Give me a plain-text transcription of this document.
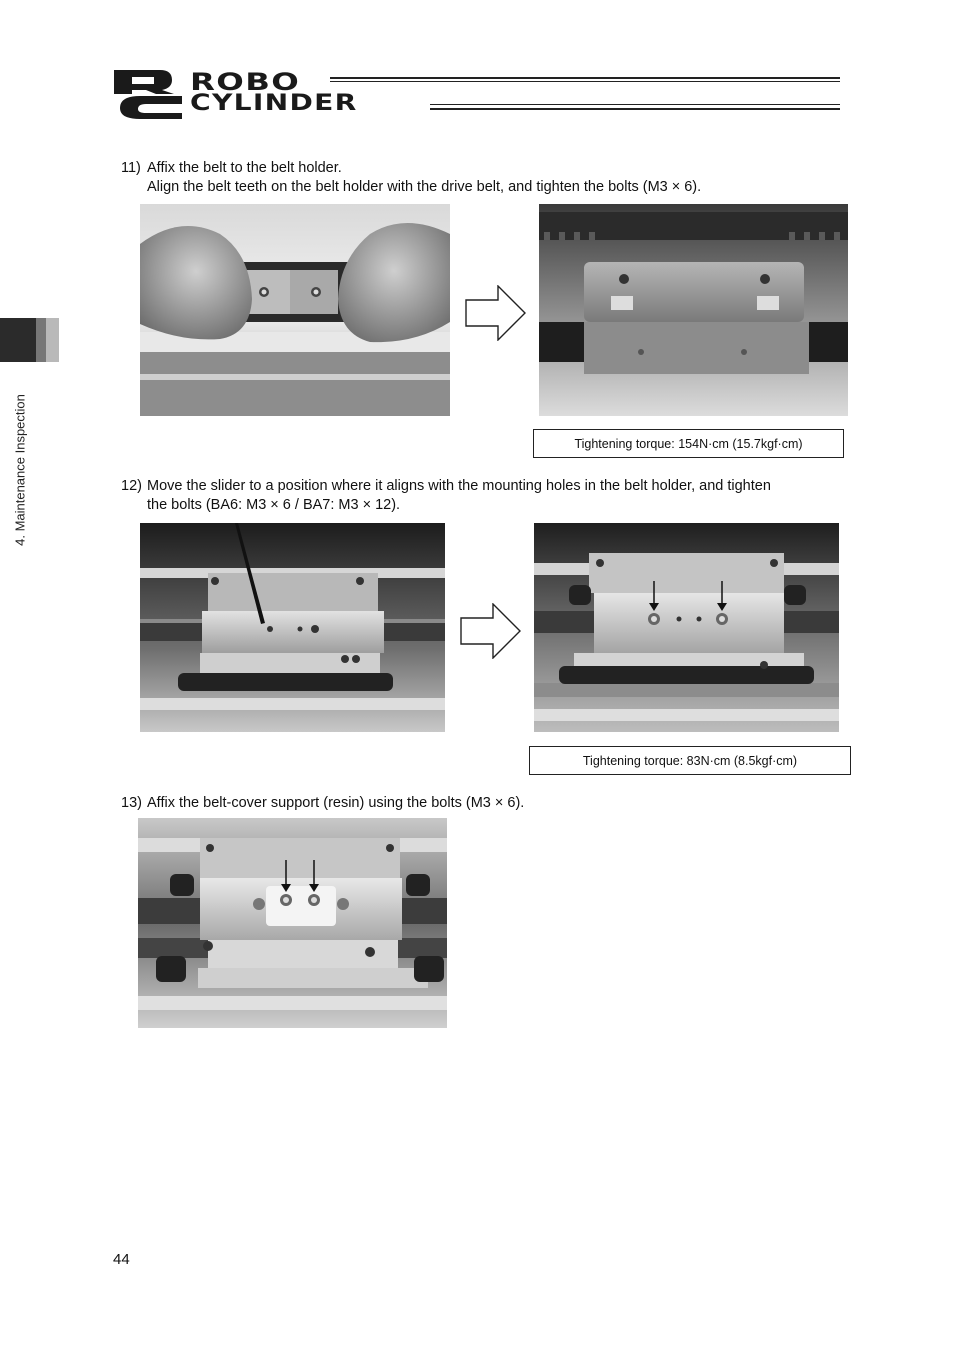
RC ROBO
CYLINDER
4. Maintenance Inspection
11) Affix the belt to the belt holder.
Align the belt teeth on the belt holder with the drive belt, and tighten the bolts (M3 × 6).
Tightening torque: 154N·cm (15.7kgf·cm)
12) Move the slider to a position where it aligns with the mounting holes in the belt holder, and tighten
the bolts (BA6: M3 × 6 / BA7: M3 × 12).
Tightening torque: 83N·cm (8.5kgf·cm)
13) Affix the belt-cover support (resin) using the bolts (M3 × 6).
44
